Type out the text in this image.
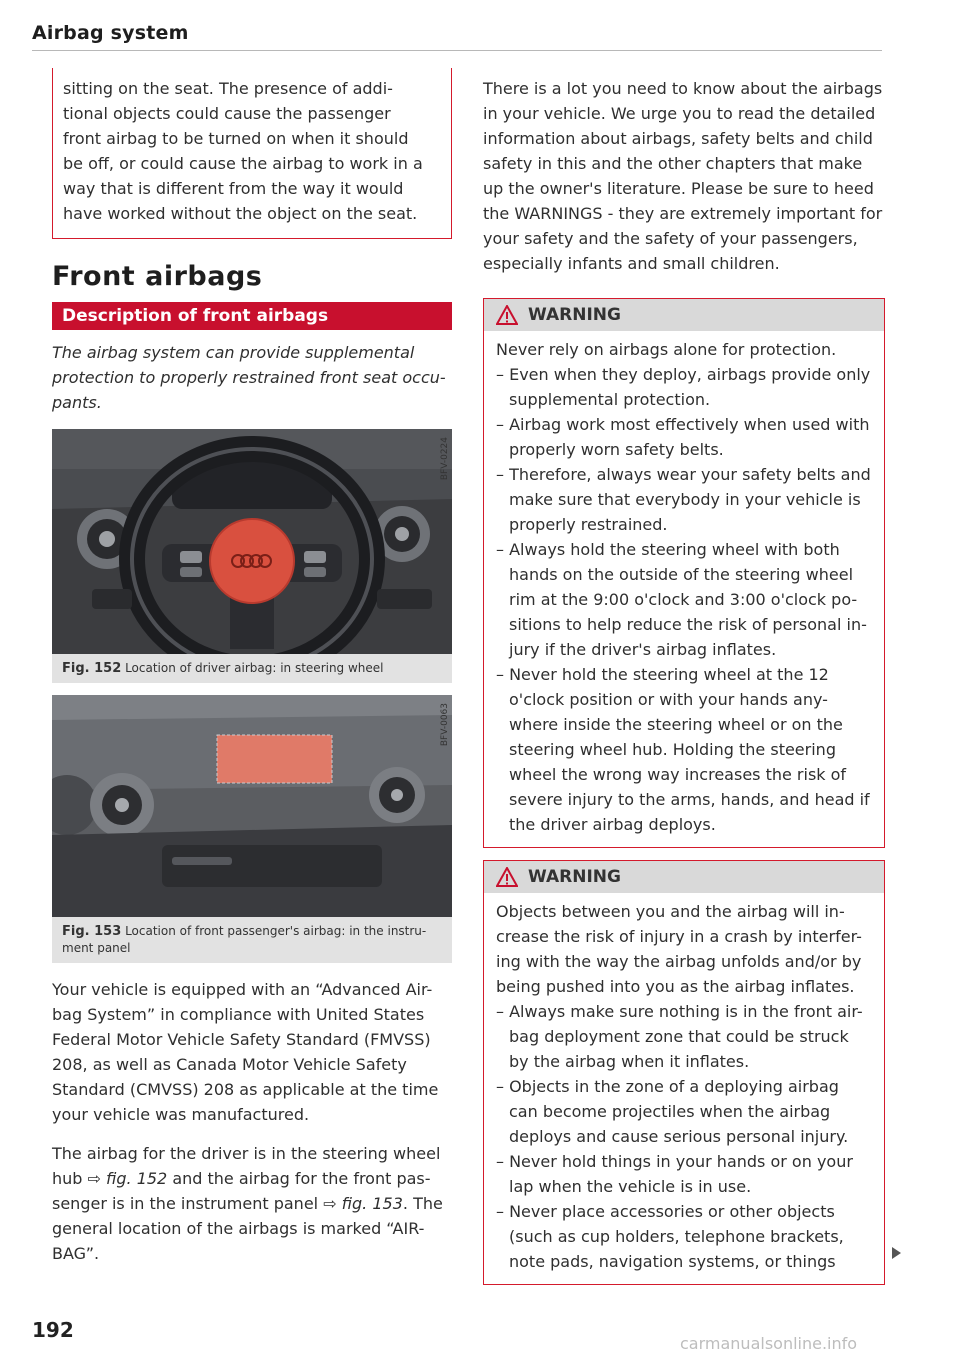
Airbag system

sitting on the seat. The presence of addi-tional objects could cause the passenger front airbag to be turned on when it should be off, or could cause the airbag to work in a way that is different from the way it would have worked without the object on the seat.

Front airbags
Description of front airbags

The airbag system can provide supplemental protection to properly restrained front seat occu-pants.

BFV-0224
Fig. 152 Location of driver airbag: in steering wheel
BFV-0063
Fig. 153 Location of front passenger's airbag: in the instru-ment panel

Your vehicle is equipped with an “Advanced Air-bag System” in compliance with United States Federal Motor Vehicle Safety Standard (FMVSS) 208, as well as Canada Motor Vehicle Safety Standard (CMVSS) 208 as applicable at the time your vehicle was manufactured.

The airbag for the driver is in the steering wheel hub ⇨ fig. 152 and the airbag for the front pas-senger is in the instrument panel ⇨ fig. 153. The general location of the airbags is marked “AIR-BAG”.

There is a lot you need to know about the airbags in your vehicle. We urge you to read the detailed information about airbags, safety belts and child safety in this and the other chapters that make up the owner's literature. Please be sure to heed the WARNINGS - they are extremely important for your safety and the safety of your passengers, especially infants and small children.

WARNING

Never rely on airbags alone for protection.

– Even when they deploy, airbags provide only supplemental protection.
– Airbag work most effectively when used with properly worn safety belts.
– Therefore, always wear your safety belts and make sure that everybody in your vehicle is properly restrained.
– Always hold the steering wheel with both hands on the outside of the steering wheel rim at the 9:00 o'clock and 3:00 o'clock po-sitions to help reduce the risk of personal in-jury if the driver's airbag inflates.
– Never hold the steering wheel at the 12 o'clock position or with your hands any-where inside the steering wheel or on the steering wheel hub. Holding the steering wheel the wrong way increases the risk of severe injury to the arms, hands, and head if the driver airbag deploys.
WARNING

Objects between you and the airbag will in-crease the risk of injury in a crash by interfer-ing with the way the airbag unfolds and/or by being pushed into you as the airbag inflates.

– Always make sure nothing is in the front air-bag deployment zone that could be struck by the airbag when it inflates.
– Objects in the zone of a deploying airbag can become projectiles when the airbag deploys and cause serious personal injury.
– Never hold things in your hands or on your lap when the vehicle is in use.
– Never place accessories or other objects (such as cup holders, telephone brackets, note pads, navigation systems, or things
192
carmanualsonline.info
